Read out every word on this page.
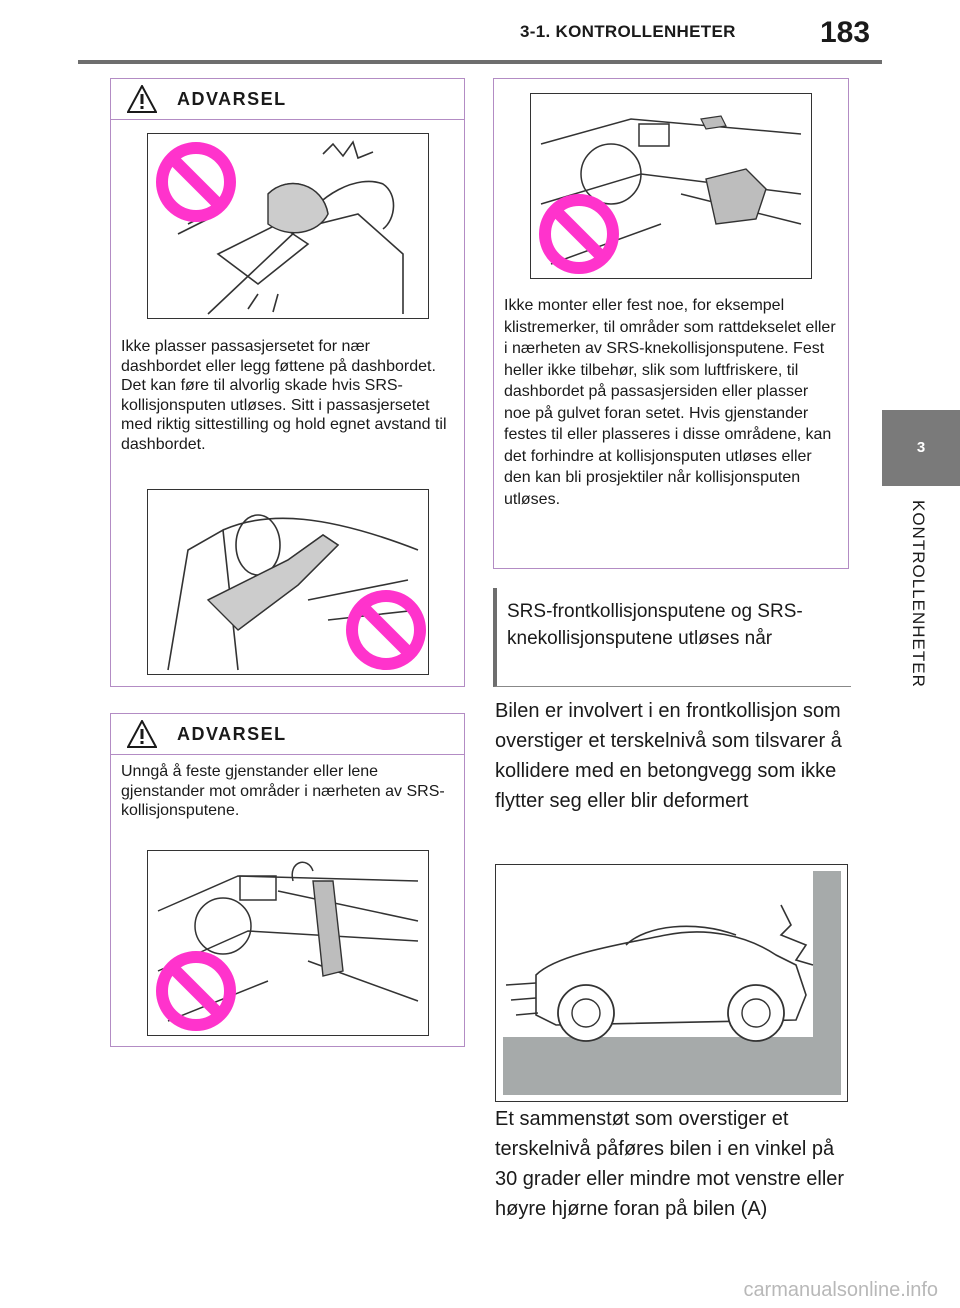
3-1. KONTROLLENHETER	183
3
KONTROLLENHETER
ADVARSEL
Ikke plasser passasjersetet for nær dashbordet eller legg føttene på dashbordet. Det kan føre til alvorlig skade hvis SRS-kollisjonsputen utløses. Sitt i passasjersetet med riktig sittestilling og hold egnet avstand til dashbordet.
ADVARSEL
Unngå å feste gjenstander eller lene gjenstander mot områder i nærheten av SRS-kollisjonsputene.
Ikke monter eller fest noe, for eksempel klistremerker, til områder som rattdekselet eller i nærheten av SRS-knekollisjonsputene. Fest heller ikke tilbehør, slik som luftfriskere, til dashbordet på passasjersiden eller plasser noe på gulvet foran setet. Hvis gjenstander festes til eller plasseres i disse områdene, kan det forhindre at kollisjonsputen utløses eller den kan bli prosjektiler når kollisjonsputen utløses.
SRS-frontkollisjonsputene og SRS-knekollisjonsputene utløses når
Bilen er involvert i en frontkollisjon som overstiger et terskelnivå som tilsvarer å kollidere med en betongvegg som ikke flytter seg eller blir deformert
Et sammenstøt som overstiger et terskelnivå påføres bilen i en vinkel på 30 grader eller mindre mot venstre eller høyre hjørne foran på bilen (A)
carmanualsonline.info
